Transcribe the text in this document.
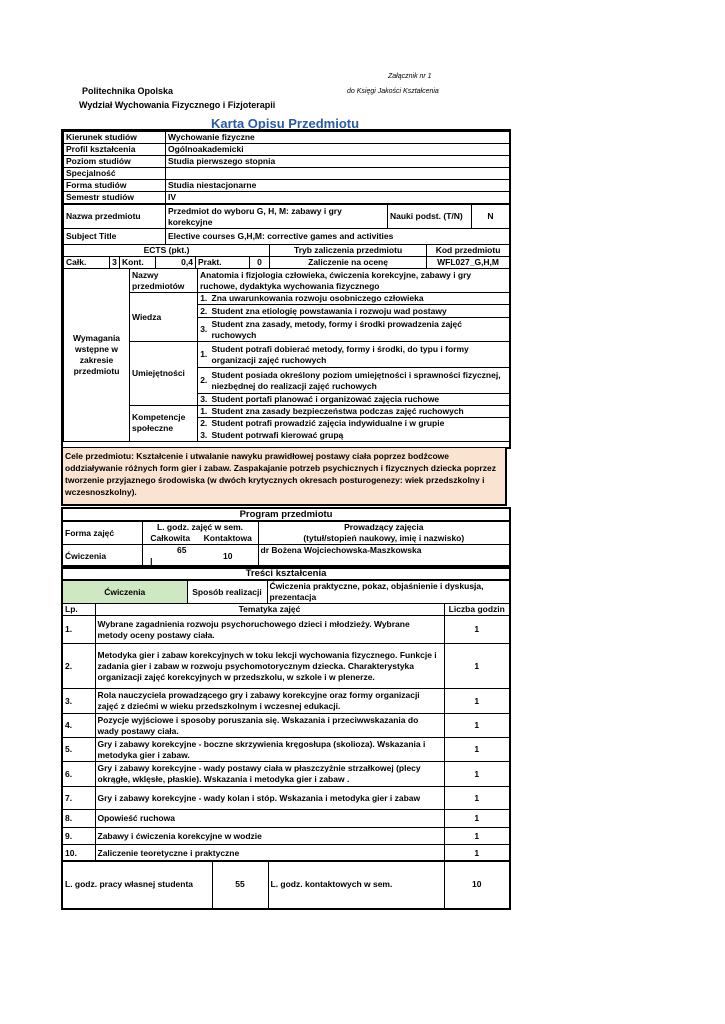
Załącznik nr 1
Politechnika Opolska	do Księgi Jakości Kształcenia
Wydział Wychowania Fizycznego i Fizjoterapii
Karta Opisu Przedmiotu
Kierunek studiów	Wychowanie fizyczne
Profil kształcenia	Ogólnoakademicki
Poziom studiów	Studia pierwszego stopnia
Specjalność	
Forma studiów	Studia niestacjonarne
Semestr studiów	IV
Nazwa przedmiotu	Przedmiot do wyboru G, H, M: zabawy i gry korekcyjne	Nauki podst. (T/N)	N
Subject Title	Elective courses G,H,M: corrective games and activities
ECTS (pkt.)						Tryb zaliczenia przedmiotu	Kod przedmiotu
Całk.	3	Kont.	0,4	Prakt.	0	Zaliczenie na ocenę	WFL027_G,H,M
Wymagania wstępne w zakresie przedmiotu	Nazwy przedmiotów	Anatomia i fizjologia człowieka, ćwiczenia korekcyjne, zabawy i gry ruchowe, dydaktyka wychowania fizycznego	
	Wiedza	1.	Zna uwarunkowania rozwoju osobniczego człowieka
		2.	Student zna etiologię powstawania i rozwoju wad postawy
		3.	Student zna zasady, metody, formy i środki prowadzenia zajęć ruchowych
	Umiejętności	1.	Student potrafi dobierać metody, formy i środki, do typu i formy organizacji zajęć ruchowych
		2.	Student posiada określony poziom umiejętności i sprawności fizycznej, niezbędnej do realizacji zajęć ruchowych
		3.	Student portafi planować i organizować zajęcia ruchowe
	Kompetencje społeczne	1.	Student zna zasady bezpieczeństwa podczas zajęć ruchowych
		2.	Student potrafi prowadzić zajęcia indywidualne i w grupie
		3.	Student potrwafi kierować grupą
Cele przedmiotu: Kształcenie i utwalanie nawyku prawidłowej postawy ciała poprzez bodźcowe oddziaływanie różnych form gier i zabaw. Zaspakajanie potrzeb psychicznych i fizycznych dziecka poprzez tworzenie przyjaznego środowiska (w dwóch krytycznych okresach posturogenezy: wiek przedszkolny i wczesnoszkolny).
Program przedmiotu			
Forma zajęć	L. godz. zajęć w sem.		Prowadzący zajęcia
	Całkowita	Kontaktowa	(tytuł/stopień naukowy, imię i nazwisko)
Ćwiczenia	65 |	10	dr Bożena Wojciechowska-Maszkowska
Treści kształcenia				
Ćwiczenia		Sposób realizacji	Ćwiczenia praktyczne, pokaz, objaśnienie i dyskusja, prezentacja	
Lp.	Tematyka zajęć			Liczba godzin
1.	Wybrane zagadnienia rozwoju psychoruchowego dzieci i młodzieży. Wybrane metody oceny postawy ciała.			1
2.	Metodyka gier i zabaw korekcyjnych w toku lekcji wychowania fizycznego. Funkcje i zadania gier i zabaw w rozwoju psychomotorycznym dziecka. Charakterystyka organizacji zajęć korekcyjnych w przedszkolu, w szkole i w plenerze.			1
3.	Rola nauczyciela prowadzącego gry i zabawy korekcyjne oraz formy organizacji zajęć z dziećmi w wieku przedszkolnym i wczesnej edukacji.			1
4.	Pozycje wyjściowe i sposoby poruszania się. Wskazania i przeciwwskazania do wady postawy ciała.			1
5.	Gry i zabawy korekcyjne - boczne skrzywienia kręgosłupa (skolioza). Wskazania i metodyka gier i zabaw.			1
6.	Gry i zabawy korekcyjne - wady postawy ciała w płaszczyźnie strzałkowej (plecy okrągłe, wklęsłe, płaskie). Wskazania i metodyka gier i zabaw .			1
7.	Gry i zabawy korekcyjne - wady kolan i stóp. Wskazania i metodyka gier i zabaw			1
8.	Opowieść ruchowa			1
9.	Zabawy i ćwiczenia korekcyjne w wodzie			1
10.	Zaliczenie teoretyczne i praktyczne			1
L. godz. pracy własnej studenta	55	L. godz. kontaktowych w sem.	10
